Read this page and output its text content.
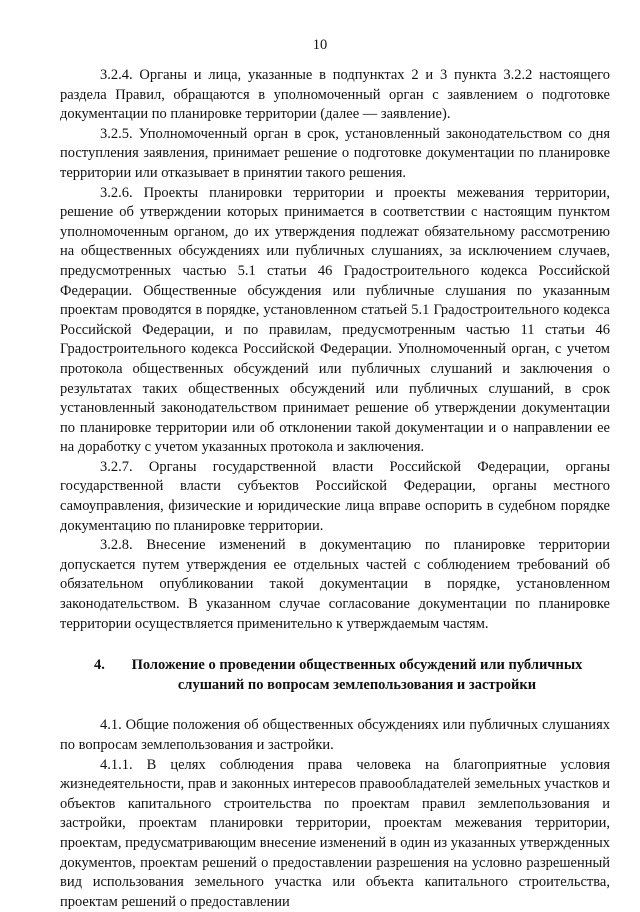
10

3.2.4. Органы и лица, указанные в подпунктах 2 и 3 пункта 3.2.2 настоящего раздела Правил, обращаются в уполномоченный орган с заявлением о подготовке документации по планировке территории (далее — заявление).

3.2.5. Уполномоченный орган в срок, установленный законодательством со дня поступления заявления, принимает решение о подготовке документации по планировке территории или отказывает в принятии такого решения.

3.2.6. Проекты планировки территории и проекты межевания территории, решение об утверждении которых принимается в соответствии с настоящим пунктом уполномоченным органом, до их утверждения подлежат обязательному рассмотрению на общественных обсуждениях или публичных слушаниях, за исключением случаев, предусмотренных частью 5.1 статьи 46 Градостроительного кодекса Российской Федерации. Общественные обсуждения или публичные слушания по указанным проектам проводятся в порядке, установленном статьей 5.1 Градостроительного кодекса Российской Федерации, и по правилам, предусмотренным частью 11 статьи 46 Градостроительного кодекса Российской Федерации. Уполномоченный орган, с учетом протокола общественных обсуждений или публичных слушаний и заключения о результатах таких общественных обсуждений или публичных слушаний, в срок установленный законодательством принимает решение об утверждении документации по планировке территории или об отклонении такой документации и о направлении ее на доработку с учетом указанных протокола и заключения.

3.2.7. Органы государственной власти Российской Федерации, органы государственной власти субъектов Российской Федерации, органы местного самоуправления, физические и юридические лица вправе оспорить в судебном порядке документацию по планировке территории.

3.2.8. Внесение изменений в документацию по планировке территории допускается путем утверждения ее отдельных частей с соблюдением требований об обязательном опубликовании такой документации в порядке, установленном законодательством. В указанном случае согласование документации по планировке территории осуществляется применительно к утверждаемым частям.

4.	Положение о проведении общественных обсуждений или публичных слушаний по вопросам землепользования и застройки

4.1. Общие положения об общественных обсуждениях или публичных слушаниях по вопросам землепользования и застройки.

4.1.1. В целях соблюдения права человека на благоприятные условия жизнедеятельности, прав и законных интересов правообладателей земельных участков и объектов капитального строительства по проектам правил землепользования и застройки, проектам планировки территории, проектам межевания территории, проектам, предусматривающим внесение изменений в один из указанных утвержденных документов, проектам решений о предоставлении разрешения на условно разрешенный вид использования земельного участка или объекта капитального строительства, проектам решений о предоставлении
